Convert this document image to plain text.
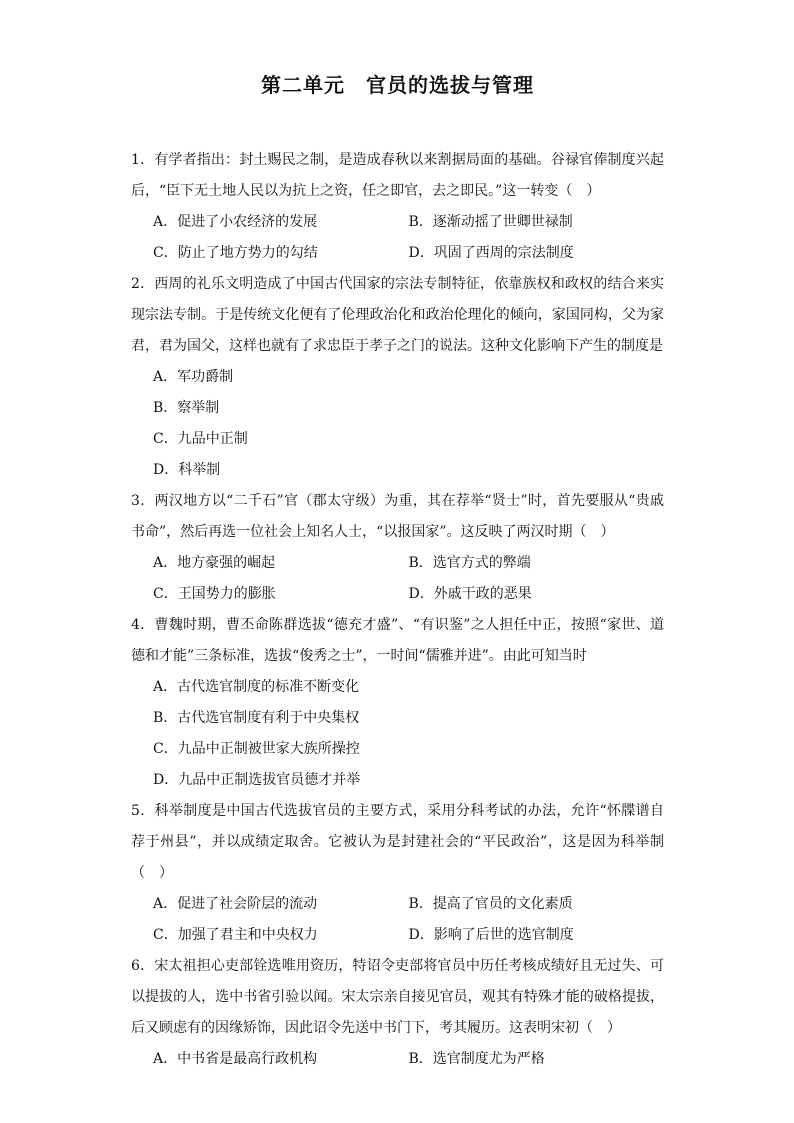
第二单元　官员的选拔与管理

1．有学者指出：封土赐民之制，是造成春秋以来割据局面的基础。谷禄官俸制度兴起后，“臣下无土地人民以为抗上之资，任之即官，去之即民。”这一转变（　）

A．促进了小农经济的发展	B．逐渐动摇了世卿世禄制
C．防止了地方势力的勾结	D．巩固了西周的宗法制度

2．西周的礼乐文明造成了中国古代国家的宗法专制特征，依靠族权和政权的结合来实现宗法专制。于是传统文化便有了伦理政治化和政治伦理化的倾向，家国同构，父为家君，君为国父，这样也就有了求忠臣于孝子之门的说法。这种文化影响下产生的制度是

A．军功爵制
B．察举制
C．九品中正制
D．科举制

3．两汉地方以“二千石”官（郡太守级）为重，其在荐举“贤士”时，首先要服从“贵戚书命”，然后再选一位社会上知名人士，“以报国家”。这反映了两汉时期（　）

A．地方豪强的崛起	B．选官方式的弊端
C．王国势力的膨胀	D．外戚干政的恶果

4．曹魏时期，曹丕命陈群选拔“德充才盛”、“有识鉴”之人担任中正，按照“家世、道德和才能”三条标准，选拔“俊秀之士”，一时间“儒雅并进”。由此可知当时

A．古代选官制度的标准不断变化
B．古代选官制度有利于中央集权
C．九品中正制被世家大族所操控
D．九品中正制选拔官员德才并举

5．科举制度是中国古代选拔官员的主要方式，采用分科考试的办法，允许“怀牒谱自荐于州县”，并以成绩定取舍。它被认为是封建社会的“平民政治”，这是因为科举制（　）

A．促进了社会阶层的流动	B．提高了官员的文化素质
C．加强了君主和中央权力	D．影响了后世的选官制度

6．宋太祖担心吏部铨选唯用资历，特诏令吏部将官员中历任考核成绩好且无过失、可以提拔的人，选中书省引验以闻。宋太宗亲自接见官员，观其有特殊才能的破格提拔，后又顾虑有的因缘矫饰，因此诏令先送中书门下，考其履历。这表明宋初（　）

A．中书省是最高行政机构	B．选官制度尤为严格
